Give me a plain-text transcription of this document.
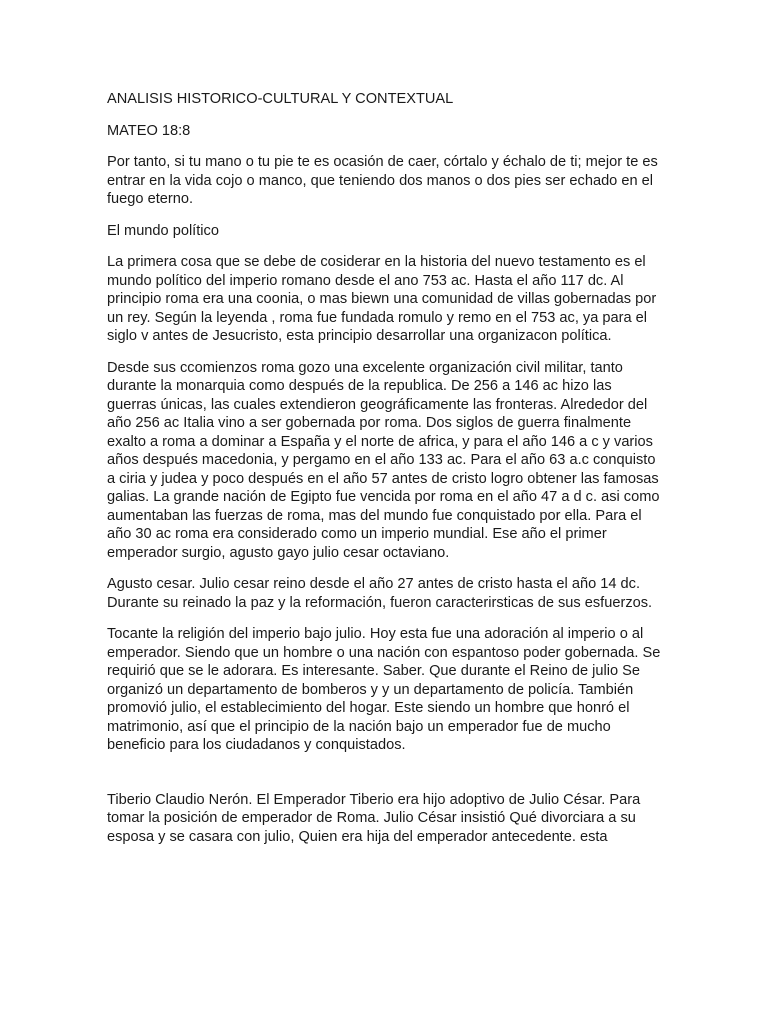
ANALISIS HISTORICO-CULTURAL Y CONTEXTUAL
MATEO 18:8

Por tanto, si tu mano o tu pie te es ocasión de caer, córtalo y échalo de ti; mejor te es entrar en la vida cojo o manco, que teniendo dos manos o dos pies ser echado en el fuego eterno.

El mundo político

La primera cosa que se debe de cosiderar en la historia del nuevo testamento es el mundo político del imperio romano desde el ano 753 ac. Hasta el año 117 dc. Al principio roma era una coonia, o mas biewn una comunidad de villas gobernadas por un rey. Según la leyenda , roma fue fundada romulo y remo en el 753 ac, ya para el siglo v antes de Jesucristo, esta principio desarrollar una organizacon política.

Desde sus ccomienzos roma gozo una excelente organización civil militar, tanto durante la monarquia como después de la republica. De 256 a 146 ac hizo las guerras únicas, las cuales extendieron geográficamente las fronteras. Alrededor del año 256 ac Italia vino a ser gobernada por roma. Dos siglos de guerra finalmente exalto a roma a dominar a España y el norte de africa, y para el año 146 a c y varios años después macedonia, y pergamo en el año 133 ac. Para el año 63 a.c conquisto a ciria y judea y poco después en el año 57 antes de cristo logro obtener las famosas galias. La grande nación de Egipto fue vencida por roma en el año 47 a d c. asi como aumentaban las fuerzas de roma, mas del mundo fue conquistado por ella. Para el año 30 ac roma era considerado como un imperio mundial. Ese año el primer emperador surgio, agusto gayo julio cesar octaviano.

Agusto cesar. Julio cesar reino desde el año 27 antes de cristo hasta el año 14 dc. Durante su reinado la paz y la reformación, fueron caracterirsticas de sus esfuerzos.

Tocante la religión del imperio bajo julio. Hoy esta fue una adoración al imperio o al emperador. Siendo que un hombre o una nación con espantoso poder gobernada. Se requirió que se le adorara. Es interesante. Saber. Que durante el Reino de julio Se organizó un departamento de bomberos y y un departamento de policía. También promovió julio, el establecimiento del hogar. Este siendo un hombre que honró el matrimonio, así que el principio de la nación bajo un emperador fue de mucho beneficio para los ciudadanos y conquistados.

Tiberio Claudio Nerón. El Emperador Tiberio era hijo adoptivo de Julio César. Para tomar la posición de emperador de Roma. Julio César insistió Qué divorciara a su esposa y se casara con julio, Quien era hija del emperador antecedente. esta
